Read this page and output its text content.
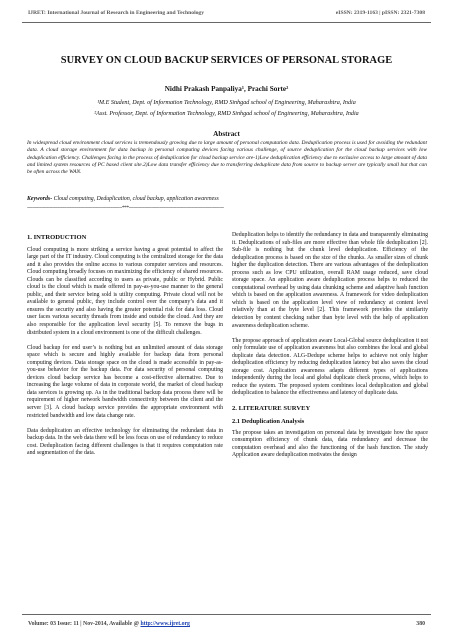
IJRET: International Journal of Research in Engineering and Technology	eISSN: 2319-1163 | pISSN: 2321-7308
SURVEY ON CLOUD BACKUP SERVICES OF PERSONAL STORAGE
Nidhi Prakash Panpaliya¹, Prachi Sorte²
¹M.E Student, Dept. of Information Technology, RMD Sinhgad school of Engineering, Maharashtra, India
²Asst. Professor, Dept. of Information Technology, RMD Sinhgad school of Engineering, Maharashtra, India
Abstract
In widespread cloud environment cloud services is tremendously growing due to large amount of personal computation data. Deduplication process is used for avoiding the redundant data. A cloud storage environment for data backup in personal computing devices facing various challenge, of source deduplication for the cloud backup services with low deduplication efficiency. Challenges facing in the process of deduplication for cloud backup service are-1)Low deduplication efficiency due to exclusive access to large amount of data and limited system resources of PC based client site.2)Low data transfer efficiency due to transferring deduplicate data from source to backup server are typically small but that can be often across the WAN.
Keywords- Cloud computing, Deduplication, cloud backup, application awareness
--------------------------------------------------------------------***--------------------------------------------------------------------
1. INTRODUCTION

Cloud computing is more striking a service having a great potential to affect the large part of the IT industry. Cloud computing is the centralized storage for the data and it also provides the online access to various computer services and resources. Cloud computing broadly focuses on maximizing the efficiency of shared resources. Clouds can be classified according to users as private, public or Hybrid. Public cloud is the cloud which is made offered in pay-as-you-use manner to the general public, and their service being sold is utility computing. Private cloud will not be available to general public, they include control over the company’s data and it ensures the security and also having the greater potential risk for data loss. Cloud user faces various security threads from inside and outside the cloud. And they are also responsible for the application level security [5]. To remove the bugs in distributed system in a cloud environment is one of the difficult challenges.

Cloud backup for end user’s is nothing but an unlimited amount of data storage space which is secure and highly available for backup data from personal computing devices. Data storage space on the cloud is made accessible in pay-as-you-use behavior for the backup data. For data security of personal computing devices cloud backup service has become a cost-effective alternative. Due to increasing the large volume of data in corporate world, the market of cloud backup data services is growing up. As in the traditional backup data process there will be requirement of higher network bandwidth connectivity between the client and the server [3]. A cloud backup service provides the appropriate environment with restricted bandwidth and low data change rate.

Data deduplication an effective technology for eliminating the redundant data in backup data. In the web data there will be less focus on use of redundancy to reduce cost. Deduplication facing different challenges is that it requires computation rate and segmentation of the data.

Deduplication helps to identify the redundancy in data and transparently eliminating it. Deduplications of sub-files are more effective than whole file deduplication [2]. Sub-file is nothing but the chunk level deduplication. Efficiency of the deduplication process is based on the size of the chunks. As smaller sizes of chunk higher the duplication detection. There are various advantages of the deduplication process such as low CPU utilization, overall RAM usage reduced, save cloud storage space. An application aware deduplication process helps to reduced the computational overhead by using data chunking scheme and adaptive hash function which is based on the application awareness. A framework for video deduplication which is based on the application level view of redundancy at content level relatively than at the byte level [2]. This framework provides the similarity detection by content checking rather than byte level with the help of application awareness deduplication scheme.

The propose approach of application aware Local-Global source deduplication it not only formulate use of application awareness but also combines the local and global duplicate data detection. ALG-Dedupe scheme helps to achieve not only higher deduplication efficiency by reducing deduplication latency but also saves the cloud storage cost. Application awareness adapts different types of applications independently during the local and global duplicate check process, which helps to reduce the system. The proposed system combines local deduplication and global deduplication to balance the effectiveness and latency of duplicate data.

2. LITERATURE SURVEY
2.1 Deduplication Analysis

The propose takes an investigation on personal data by investigate how the space consumption efficiency of chunk data, data redundancy and decrease the computation overhead and also the functioning of the hash function. The study Application aware deduplication motivates the design

Volume: 03 Issue: 11 | Nov-2014, Available @ http://www.ijret.org	380
